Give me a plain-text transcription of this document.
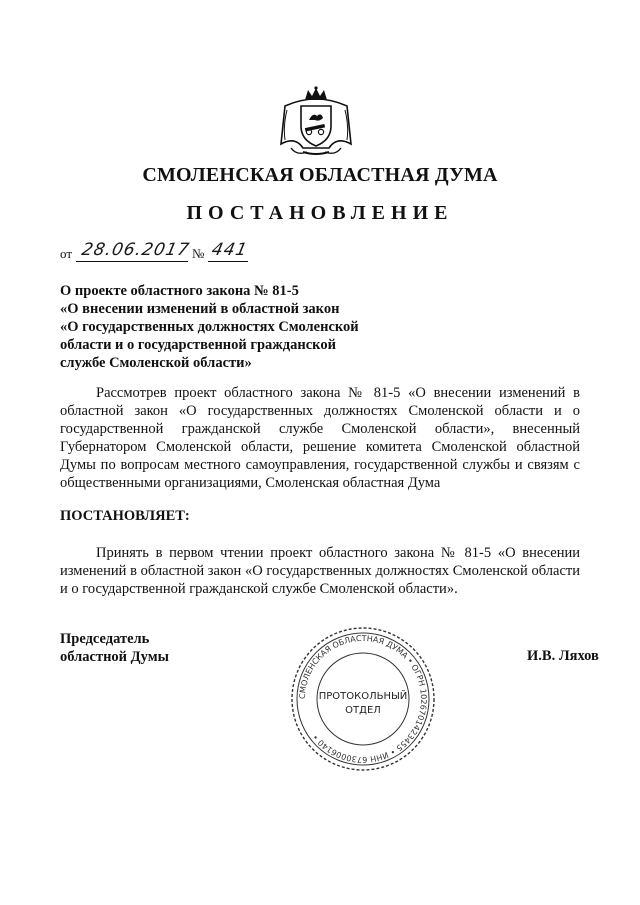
СМОЛЕНСКАЯ ОБЛАСТНАЯ ДУМА
ПОСТАНОВЛЕНИЕ
от 28.06.2017 № 441
О проекте областного закона № 81-5
«О внесении изменений в областной закон
«О государственных должностях Смоленской
области и о государственной гражданской
службе Смоленской области»
Рассмотрев проект областного закона № 81-5 «О внесении изменений в областной закон «О государственных должностях Смоленской области и о государственной гражданской службе Смоленской области», внесенный Губернатором Смоленской области, решение комитета Смоленской областной Думы по вопросам местного самоуправления, государственной службы и связям с общественными организациями, Смоленская областная Дума
ПОСТАНОВЛЯЕТ:
Принять в первом чтении проект областного закона № 81-5 «О внесении изменений в областной закон «О государственных должностях Смоленской области и о государственной гражданской службе Смоленской области».
Председатель
областной Думы
СМОЛЕНСКАЯ ОБЛАСТНАЯ ДУМА • ОГРН 1026701423455 • ИНН 6730006140 •
ПРОТОКОЛЬНЫЙ
ОТДЕЛ
И.В. Ляхов
